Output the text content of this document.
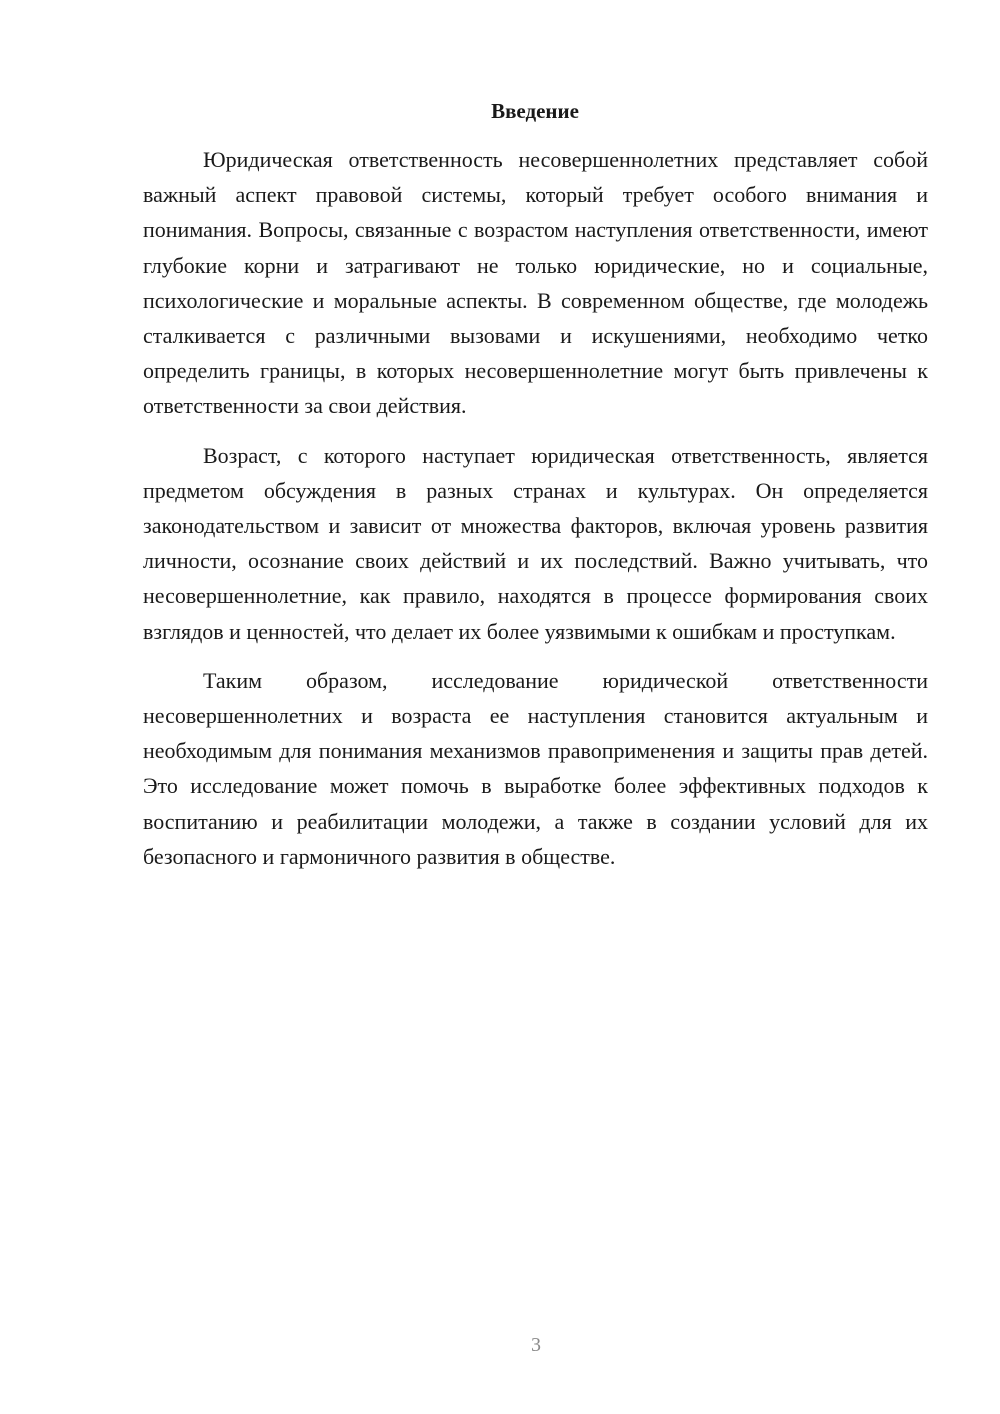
Введение

Юридическая ответственность несовершеннолетних представляет собой важный аспект правовой системы, который требует особого внимания и понимания. Вопросы, связанные с возрастом наступления ответственности, имеют глубокие корни и затрагивают не только юридические, но и социальные, психологические и моральные аспекты. В современном обществе, где молодежь сталкивается с различными вызовами и искушениями, необходимо четко определить границы, в которых несовершеннолетние могут быть привлечены к ответственности за свои действия.

Возраст, с которого наступает юридическая ответственность, является предметом обсуждения в разных странах и культурах. Он определяется законодательством и зависит от множества факторов, включая уровень развития личности, осознание своих действий и их последствий. Важно учитывать, что несовершеннолетние, как правило, находятся в процессе формирования своих взглядов и ценностей, что делает их более уязвимыми к ошибкам и проступкам.

Таким образом, исследование юридической ответственности несовершеннолетних и возраста ее наступления становится актуальным и необходимым для понимания механизмов правоприменения и защиты прав детей. Это исследование может помочь в выработке более эффективных подходов к воспитанию и реабилитации молодежи, а также в создании условий для их безопасного и гармоничного развития в обществе.

3
